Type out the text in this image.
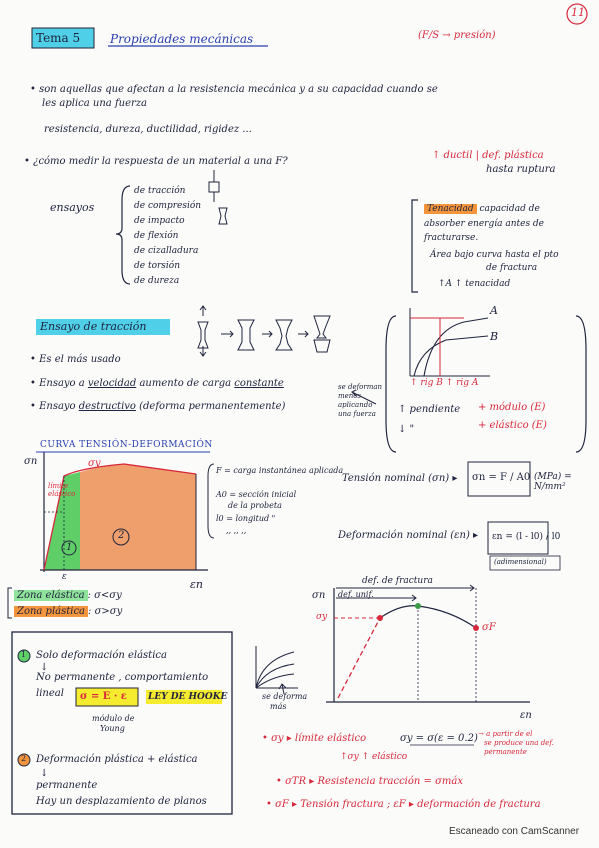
11
Tema 5 Propiedades mecánicas	(F/S → presión)
• son aquellas que afectan a la resistencia mecánica y a su capacidad cuando se
les aplica una fuerza
resistencia, dureza, ductilidad, rigidez ...
• ¿cómo medir la respuesta de un material a una F?
↑ ductil | def. plástica
hasta ruptura
ensayos
de tracción
de compresión
de impacto
de flexión
de cizalladura
de torsión
de dureza
Tenacidad capacidad de
absorber energía antes de
fracturarse.
Área bajo curva hasta el pto
de fractura
↑A ↑ tenacidad
Ensayo de tracción
• Es el más usado
• Ensayo a velocidad aumento de carga constante
• Ensayo destructivo (deforma permanentemente)
A
B
↑ rig B ↑ rig A
se deforman
menos
aplicando
una fuerza ↑ pendiente
↓ "
+ módulo (E)
+ elástico (E)
CURVA TENSIÓN-DEFORMACIÓN
σn
εn
σy
límite elástico
1
2
ε
F = carga instantánea aplicada
A0 = sección inicial
de la probeta
l0 = longitud "
,, ,, ,,
Tensión nominal (σn) ▸ σn = F / A0 (MPa) = N/mm²
Deformación nominal (εn) ▸ εn = (l - l0) / l0
(adimensional)
Zona elástica : σ<σy
Zona plástica : σ>σy
1 Solo deformación elástica
↓
No permanente , comportamiento
lineal σ = E · ε LEY DE HOOKE
módulo de
Young
2 Deformación plástica + elástica
↓
permanente
Hay un desplazamiento de planos
se deforma
más
def. de fractura
def. unif.
σn
εn
σy
σF
• σy ▸ límite elástico	σy = σ(ε = 0.2) → a partir de el
se produce una def.
permanente
↑σy ↑ elástico
• σTR ▸ Resistencia tracción = σmáx
• σF ▸ Tensión fractura ; εF ▸ deformación de fractura
Escaneado con CamScanner
